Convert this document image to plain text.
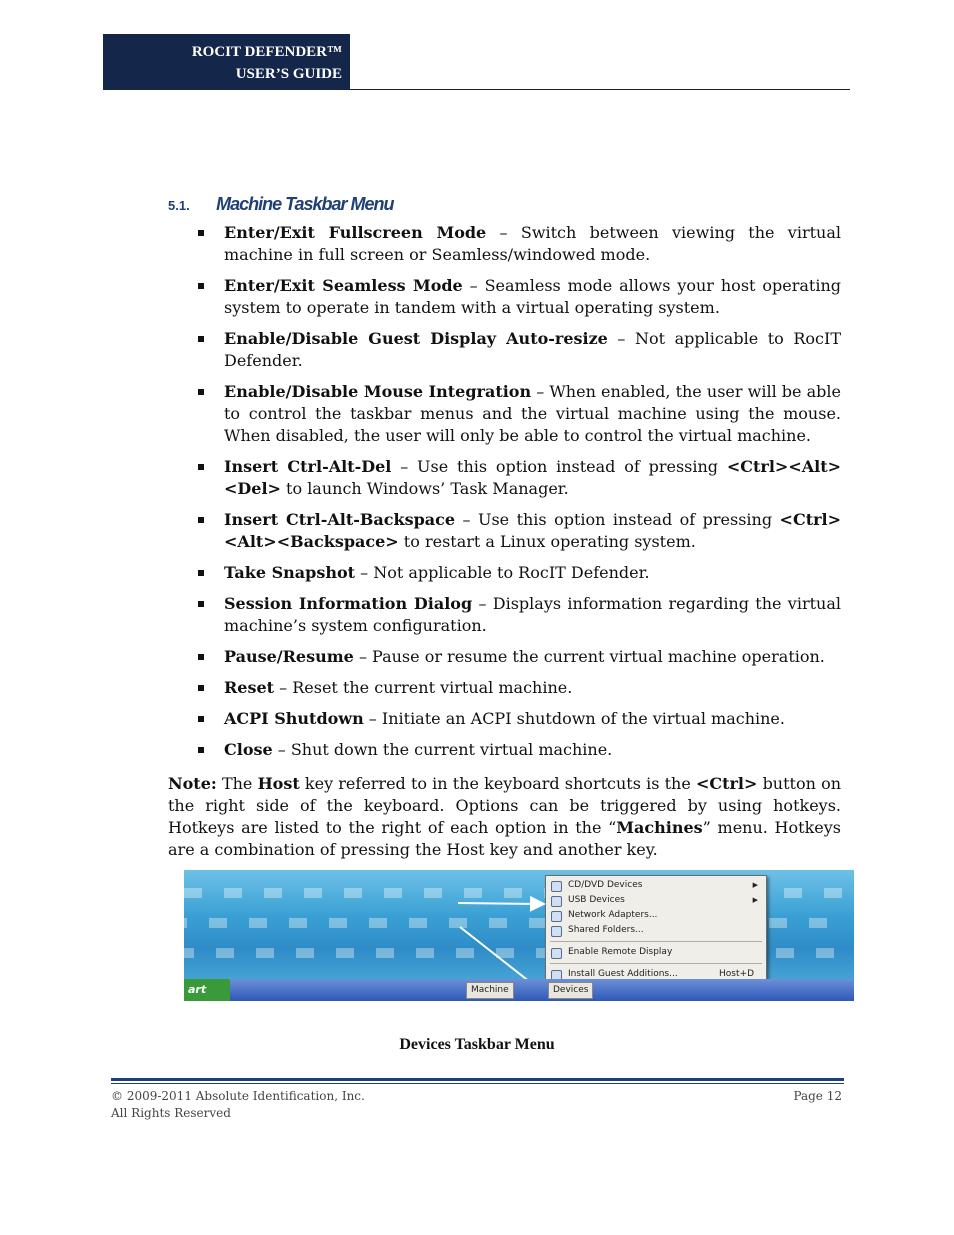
ROCIT DEFENDER™
USER’S GUIDE
5.1. Machine Taskbar Menu
Enter/Exit Fullscreen Mode – Switch between viewing the virtual machine in full screen or Seamless/windowed mode.
Enter/Exit Seamless Mode – Seamless mode allows your host operating system to operate in tandem with a virtual operating system.
Enable/Disable Guest Display Auto-resize – Not applicable to RocIT Defender.
Enable/Disable Mouse Integration – When enabled, the user will be able to control the taskbar menus and the virtual machine using the mouse. When disabled, the user will only be able to control the virtual machine.
Insert Ctrl-Alt-Del – Use this option instead of pressing <Ctrl><Alt><Del> to launch Windows’ Task Manager.
Insert Ctrl-Alt-Backspace – Use this option instead of pressing <Ctrl><Alt><Backspace> to restart a Linux operating system.
Take Snapshot – Not applicable to RocIT Defender.
Session Information Dialog – Displays information regarding the virtual machine’s system configuration.
Pause/Resume – Pause or resume the current virtual machine operation.
Reset – Reset the current virtual machine.
ACPI Shutdown – Initiate an ACPI shutdown of the virtual machine.
Close – Shut down the current virtual machine.

Note: The Host key referred to in the keyboard shortcuts is the <Ctrl> button on the right side of the keyboard. Options can be triggered by using hotkeys. Hotkeys are listed to the right of each option in the “Machines” menu. Hotkeys are a combination of pressing the Host key and another key.

CD/DVD Devices	▶
USB Devices	▶
Network Adapters...
Shared Folders...
Enable Remote Display
Install Guest Additions...	Host+D
art	Machine	Devices
Devices Taskbar Menu
© 2009-2011 Absolute Identification, Inc.
All Rights Reserved
Page 12
